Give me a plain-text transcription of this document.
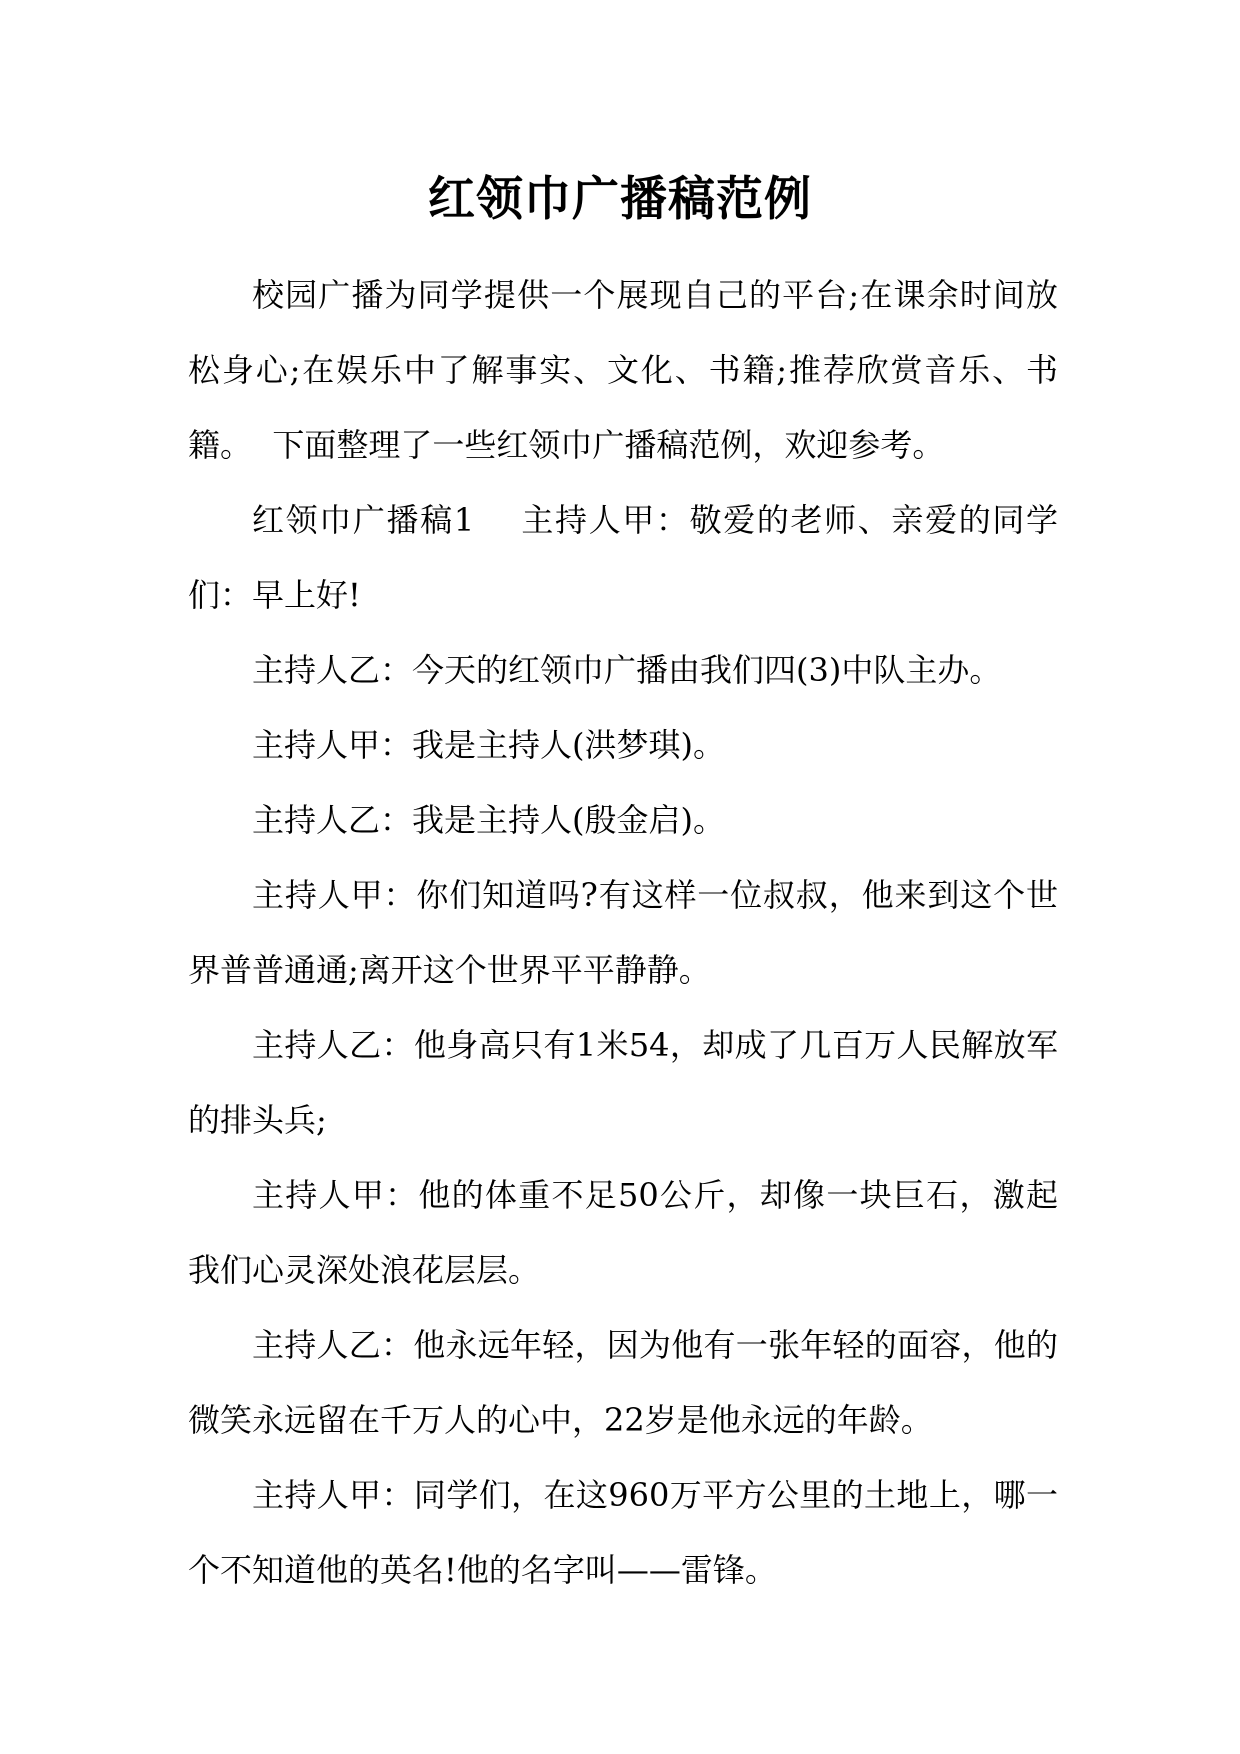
红领巾广播稿范例

校园广播为同学提供一个展现自己的平台;在课余时间放松身心;在娱乐中了解事实、文化、书籍;推荐欣赏音乐、书籍。  下面整理了一些红领巾广播稿范例，欢迎参考。

红领巾广播稿1    主持人甲：敬爱的老师、亲爱的同学们：早上好!

主持人乙：今天的红领巾广播由我们四(3)中队主办。

主持人甲：我是主持人(洪梦琪)。

主持人乙：我是主持人(殷金启)。

主持人甲：你们知道吗?有这样一位叔叔，他来到这个世界普普通通;离开这个世界平平静静。

主持人乙：他身高只有1米54，却成了几百万人民解放军的排头兵;

主持人甲：他的体重不足50公斤，却像一块巨石，激起我们心灵深处浪花层层。

主持人乙：他永远年轻，因为他有一张年轻的面容，他的微笑永远留在千万人的心中，22岁是他永远的年龄。

主持人甲：同学们，在这960万平方公里的土地上，哪一个不知道他的英名!他的名字叫——雷锋。
